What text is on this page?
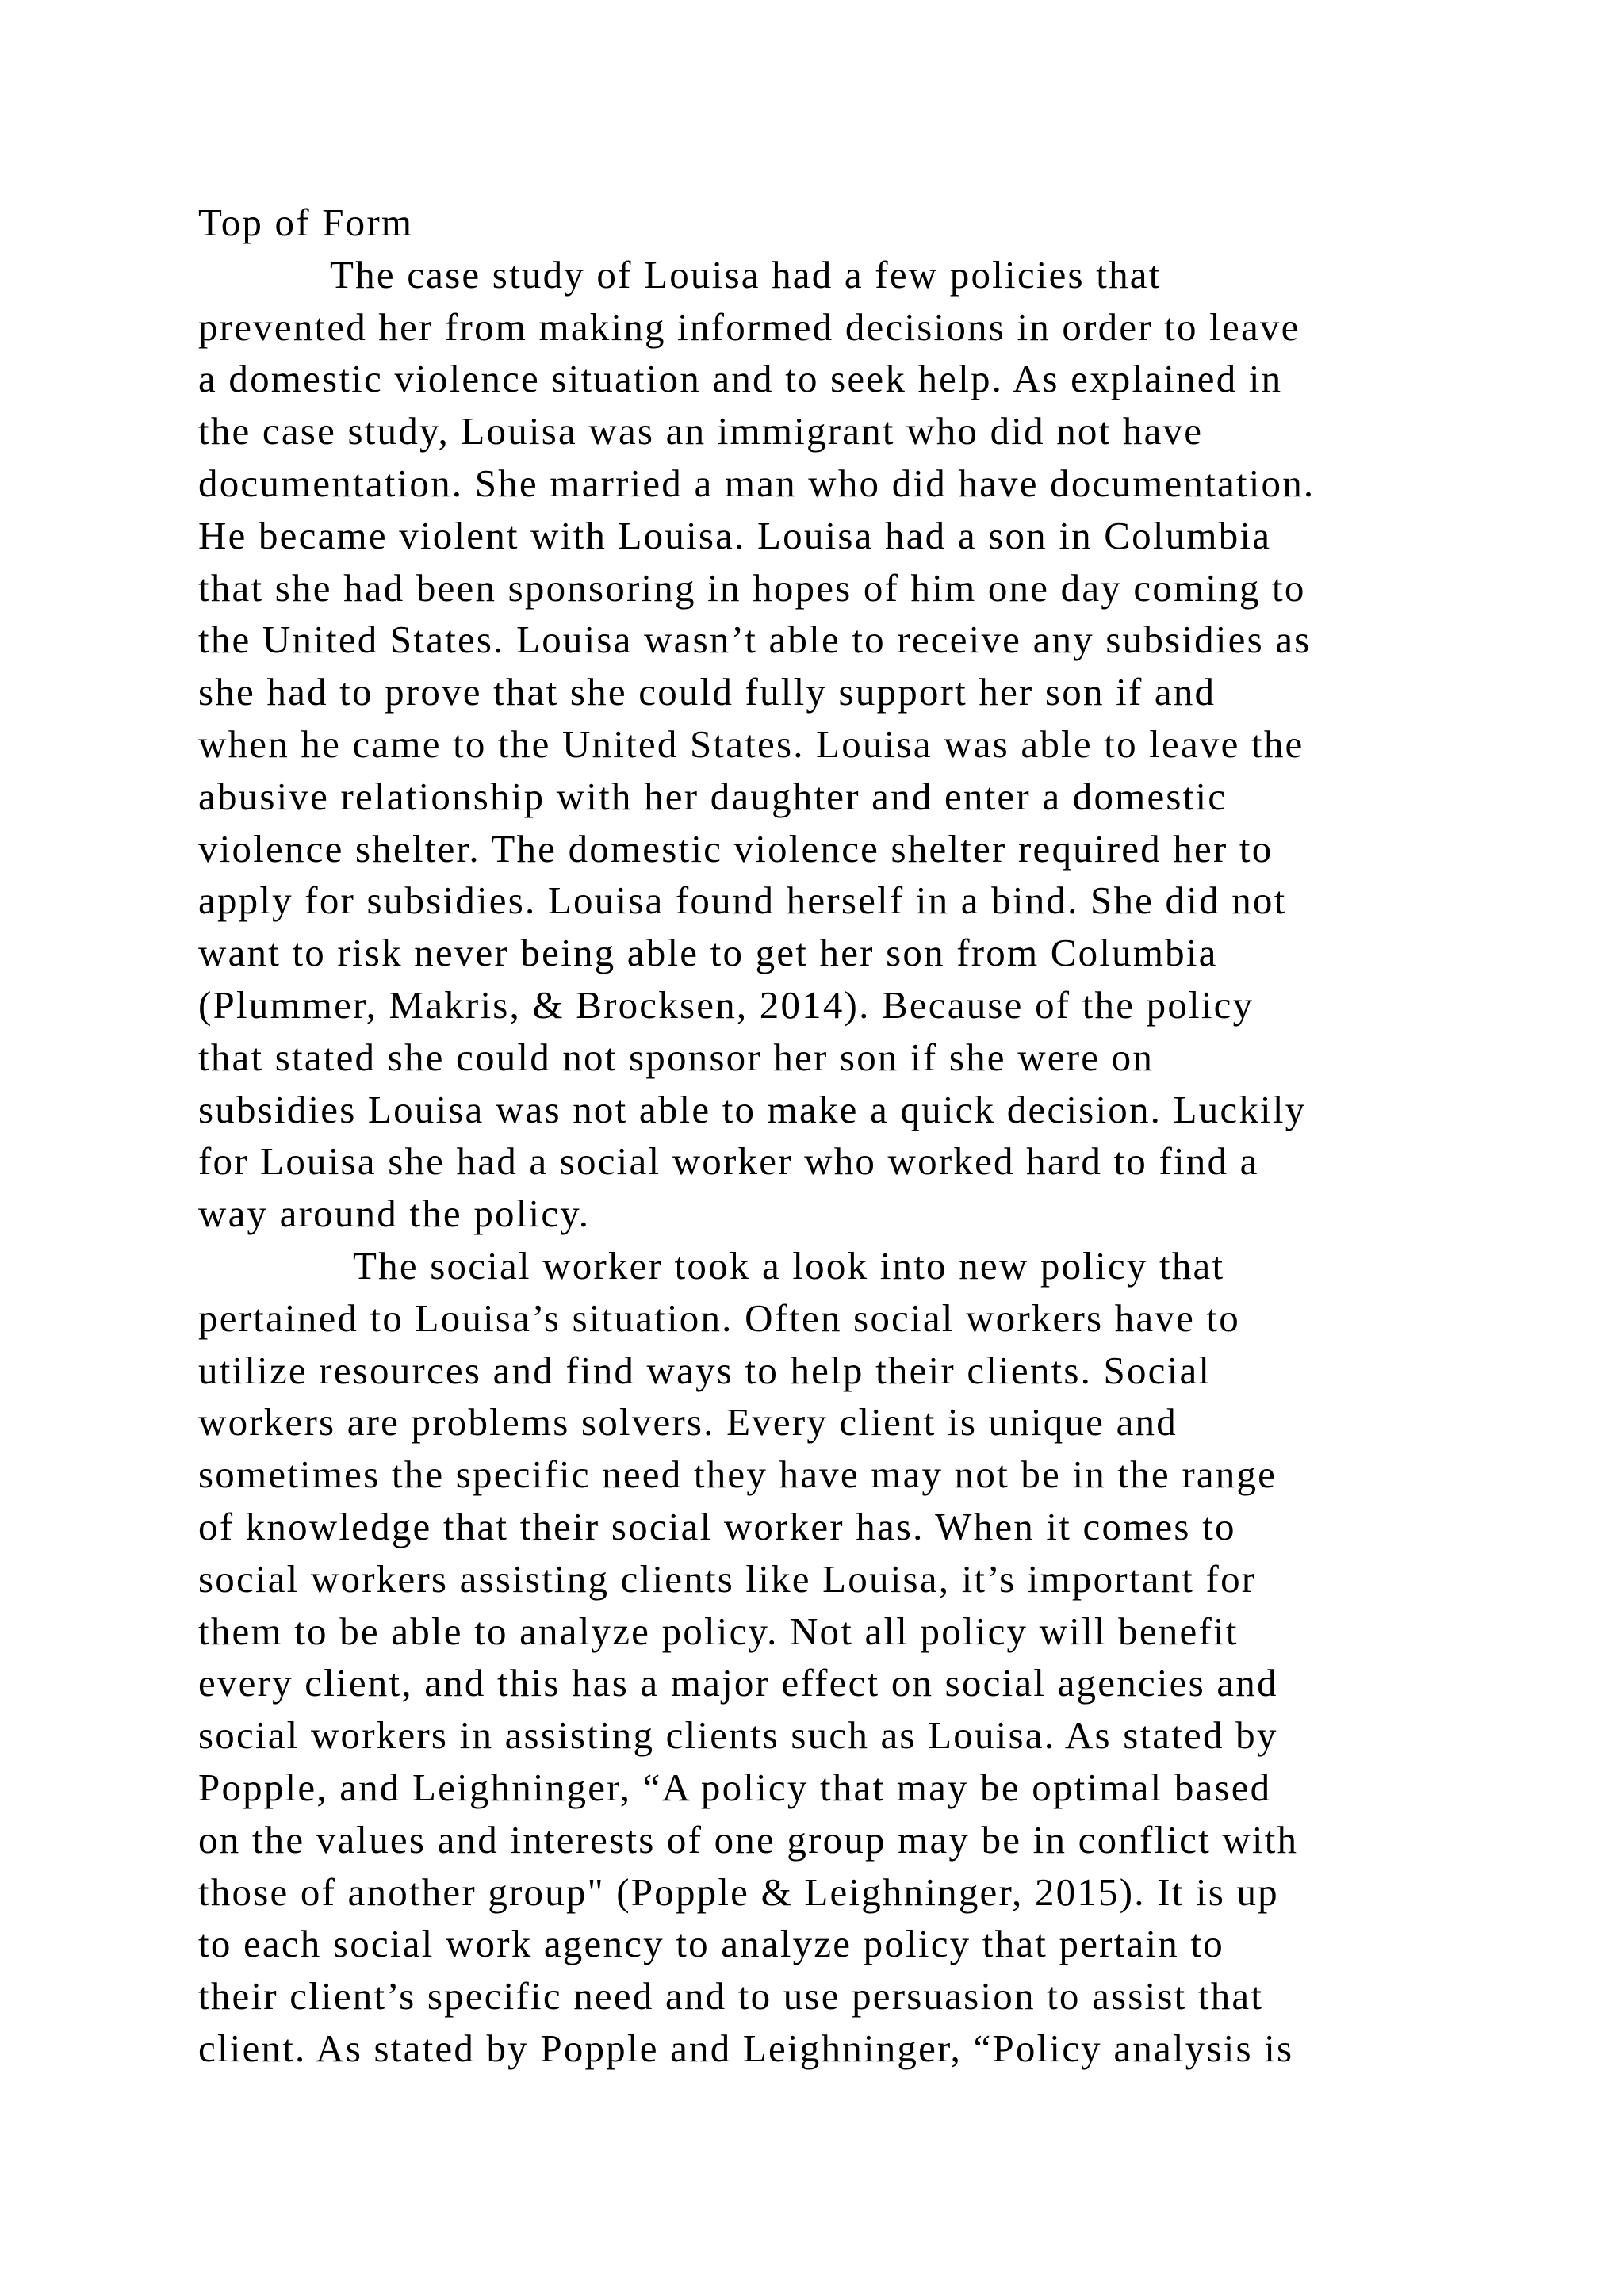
Top of Form
The case study of Louisa had a few policies that
prevented her from making informed decisions in order to leave
a domestic violence situation and to seek help. As explained in
the case study, Louisa was an immigrant who did not have
documentation. She married a man who did have documentation.
He became violent with Louisa. Louisa had a son in Columbia
that she had been sponsoring in hopes of him one day coming to
the United States. Louisa wasn’t able to receive any subsidies as
she had to prove that she could fully support her son if and
when he came to the United States. Louisa was able to leave the
abusive relationship with her daughter and enter a domestic
violence shelter. The domestic violence shelter required her to
apply for subsidies. Louisa found herself in a bind. She did not
want to risk never being able to get her son from Columbia
(Plummer, Makris, & Brocksen, 2014). Because of the policy
that stated she could not sponsor her son if she were on
subsidies Louisa was not able to make a quick decision. Luckily
for Louisa she had a social worker who worked hard to find a
way around the policy.
The social worker took a look into new policy that
pertained to Louisa’s situation. Often social workers have to
utilize resources and find ways to help their clients. Social
workers are problems solvers. Every client is unique and
sometimes the specific need they have may not be in the range
of knowledge that their social worker has. When it comes to
social workers assisting clients like Louisa, it’s important for
them to be able to analyze policy. Not all policy will benefit
every client, and this has a major effect on social agencies and
social workers in assisting clients such as Louisa. As stated by
Popple, and Leighninger, “A policy that may be optimal based
on the values and interests of one group may be in conflict with
those of another group" (Popple & Leighninger, 2015). It is up
to each social work agency to analyze policy that pertain to
their client’s specific need and to use persuasion to assist that
client. As stated by Popple and Leighninger, “Policy analysis is
